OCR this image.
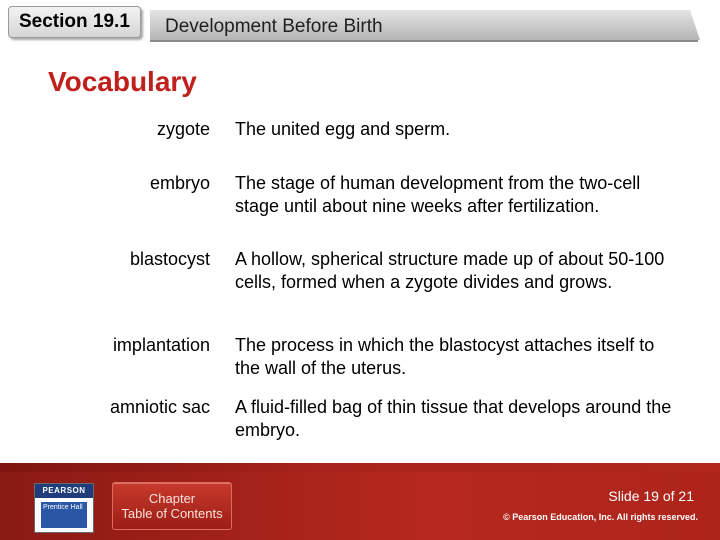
Section 19.1	Development Before Birth
Vocabulary
zygote The united egg and sperm.
embryo The stage of human development from the two-cell stage until about nine weeks after fertilization.
blastocyst A hollow, spherical structure made up of about 50-100 cells, formed when a zygote divides and grows.
implantation The process in which the blastocyst attaches itself to the wall of the uterus.
amniotic sac A fluid-filled bag of thin tissue that develops around the embryo.
PEARSON
Prentice Hall
Chapter
Table of Contents
Slide 19 of 21
© Pearson Education, Inc. All rights reserved.
